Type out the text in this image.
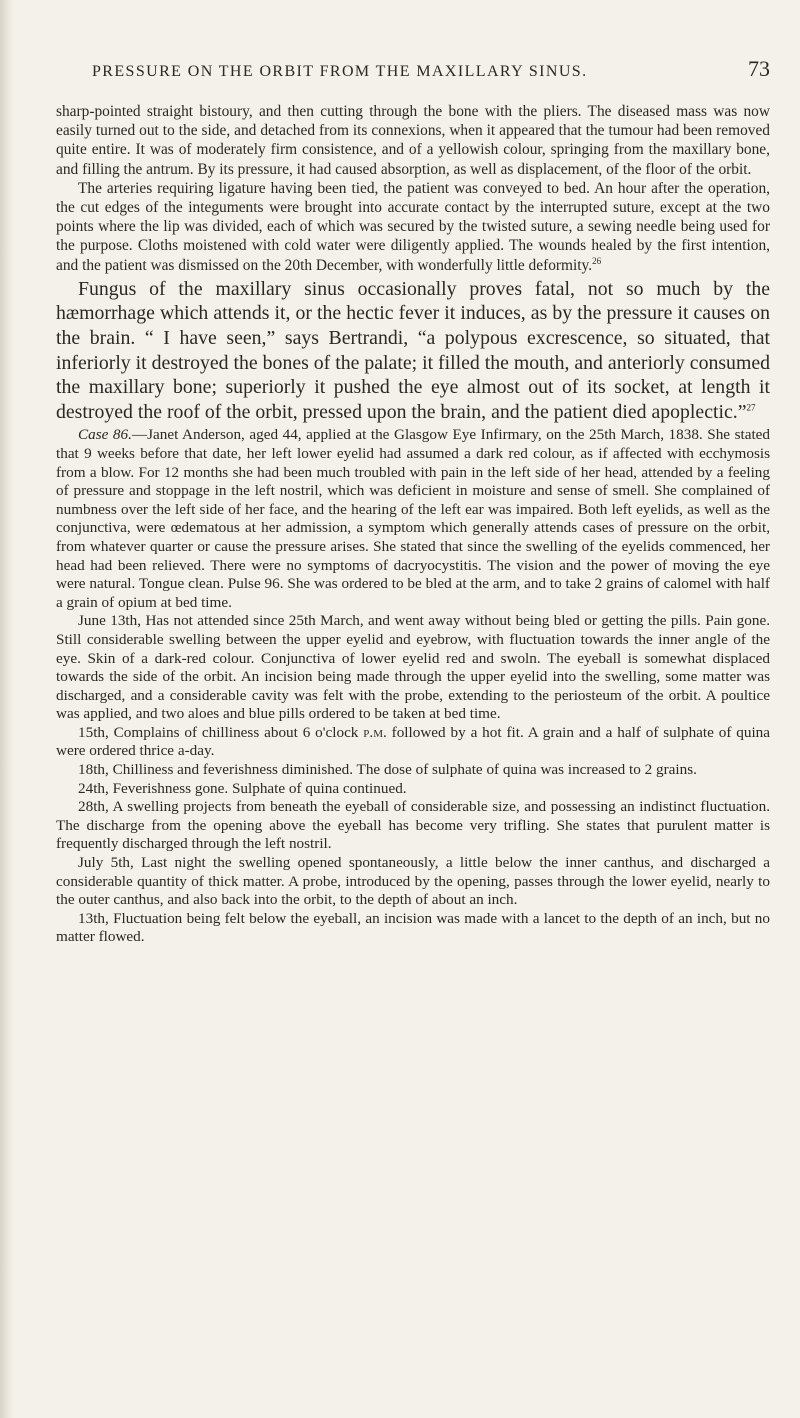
PRESSURE ON THE ORBIT FROM THE MAXILLARY SINUS.	73

sharp-pointed straight bistoury, and then cutting through the bone with the pliers. The diseased mass was now easily turned out to the side, and detached from its connexions, when it appeared that the tumour had been removed quite entire. It was of moderately firm consistence, and of a yellowish colour, springing from the maxillary bone, and filling the antrum. By its pressure, it had caused absorption, as well as displacement, of the floor of the orbit.

The arteries requiring ligature having been tied, the patient was conveyed to bed. An hour after the operation, the cut edges of the integuments were brought into accurate contact by the interrupted suture, except at the two points where the lip was divided, each of which was secured by the twisted suture, a sewing needle being used for the purpose. Cloths moistened with cold water were diligently applied. The wounds healed by the first intention, and the patient was dismissed on the 20th December, with wonderfully little deformity.$^{26}$

Fungus of the maxillary sinus occasionally proves fatal, not so much by the hæmorrhage which attends it, or the hectic fever it induces, as by the pressure it causes on the brain. “ I have seen,” says Bertrandi, “a polypous excrescence, so situated, that inferiorly it destroyed the bones of the palate; it filled the mouth, and anteriorly consumed the maxillary bone; superiorly it pushed the eye almost out of its socket, at length it destroyed the roof of the orbit, pressed upon the brain, and the patient died apoplectic.”$^{27}$

Case 86.—Janet Anderson, aged 44, applied at the Glasgow Eye Infirmary, on the 25th March, 1838. She stated that 9 weeks before that date, her left lower eyelid had assumed a dark red colour, as if affected with ecchymosis from a blow. For 12 months she had been much troubled with pain in the left side of her head, attended by a feeling of pressure and stoppage in the left nostril, which was deficient in moisture and sense of smell. She complained of numbness over the left side of her face, and the hearing of the left ear was impaired. Both left eyelids, as well as the conjunctiva, were œdematous at her admission, a symptom which generally attends cases of pressure on the orbit, from whatever quarter or cause the pressure arises. She stated that since the swelling of the eyelids commenced, her head had been relieved. There were no symptoms of dacryocystitis. The vision and the power of moving the eye were natural. Tongue clean. Pulse 96. She was ordered to be bled at the arm, and to take 2 grains of calomel with half a grain of opium at bed time.

June 13th, Has not attended since 25th March, and went away without being bled or getting the pills. Pain gone. Still considerable swelling between the upper eyelid and eyebrow, with fluctuation towards the inner angle of the eye. Skin of a dark-red colour. Conjunctiva of lower eyelid red and swoln. The eyeball is somewhat displaced towards the side of the orbit. An incision being made through the upper eyelid into the swelling, some matter was discharged, and a considerable cavity was felt with the probe, extending to the periosteum of the orbit. A poultice was applied, and two aloes and blue pills ordered to be taken at bed time.

15th, Complains of chilliness about 6 o'clock p.m. followed by a hot fit. A grain and a half of sulphate of quina were ordered thrice a-day.

18th, Chilliness and feverishness diminished. The dose of sulphate of quina was increased to 2 grains.

24th, Feverishness gone. Sulphate of quina continued.

28th, A swelling projects from beneath the eyeball of considerable size, and possessing an indistinct fluctuation. The discharge from the opening above the eyeball has become very trifling. She states that purulent matter is frequently discharged through the left nostril.

July 5th, Last night the swelling opened spontaneously, a little below the inner canthus, and discharged a considerable quantity of thick matter. A probe, introduced by the opening, passes through the lower eyelid, nearly to the outer canthus, and also back into the orbit, to the depth of about an inch.

13th, Fluctuation being felt below the eyeball, an incision was made with a lancet to the depth of an inch, but no matter flowed.
